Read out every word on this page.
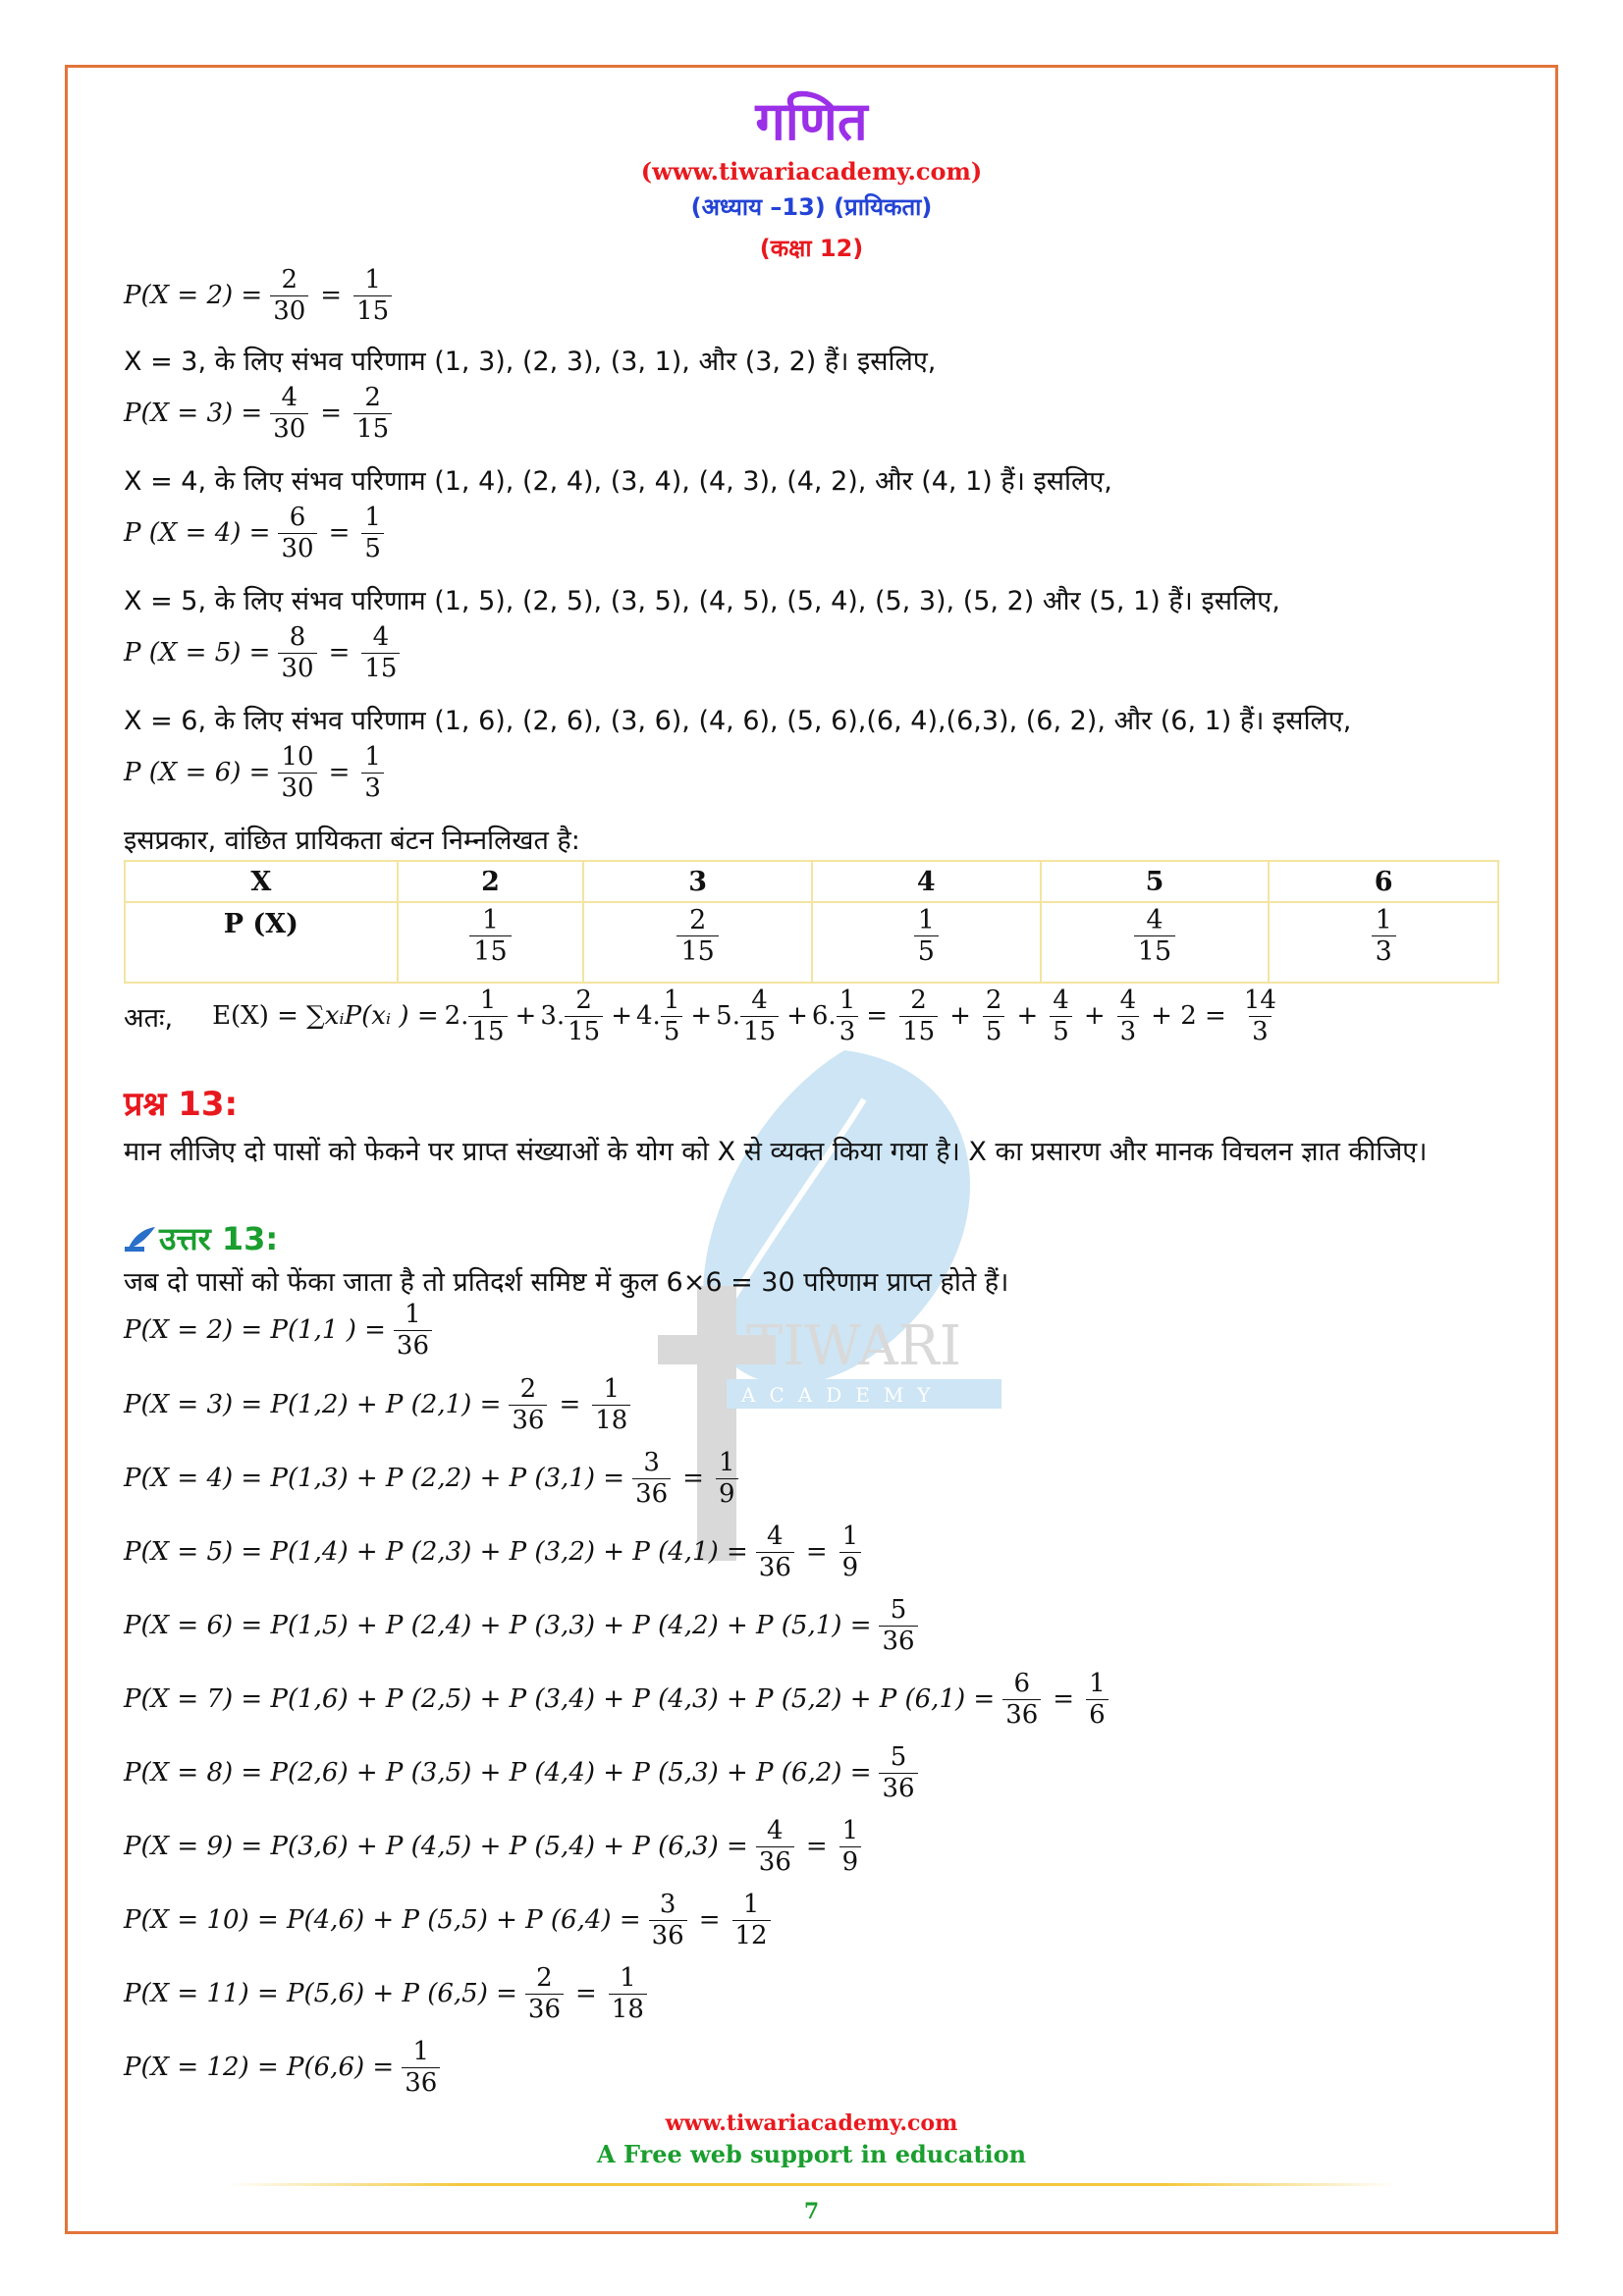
TIWARI
ACADEMY
गणित
(www.tiwariacademy.com)
(अध्याय –13) (प्रायिकता)
(कक्षा 12)
$P(X = 2) = \frac{2}{30} = \frac{1}{15}$
X = 3, के लिए संभव परिणाम (1, 3), (2, 3), (3, 1), और (3, 2) हैं। इसलिए,
$P(X = 3) = \frac{4}{30} = \frac{2}{15}$
X = 4, के लिए संभव परिणाम (1, 4), (2, 4), (3, 4), (4, 3), (4, 2), और (4, 1) हैं। इसलिए,
P $(X = 4) = \frac{6}{30} = \frac{1}{5}$
X = 5, के लिए संभव परिणाम (1, 5), (2, 5), (3, 5), (4, 5), (5, 4), (5, 3), (5, 2) और (5, 1) हैं। इसलिए,
P $(X = 5) = \frac{8}{30} = \frac{4}{15}$
X = 6, के लिए संभव परिणाम (1, 6), (2, 6), (3, 6), (4, 6), (5, 6),(6, 4),(6,3), (6, 2), और (6, 1) हैं। इसलिए,
P $(X = 6) = \frac{10}{30} = \frac{1}{3}$
इसप्रकार, वांछित प्रायिकता बंटन निम्नलिखत है:
X	2	3	4	5	6
P (X)	$\frac{1}{15}$	$\frac{2}{15}$	$\frac{1}{5}$	$\frac{4}{15}$	$\frac{1}{3}$
अतः, E(X) = ∑ xᵢP(xᵢ ) = 2. $\frac{1}{15} + 3$. $\frac{2}{15} + 4$. $\frac{1}{5} + 5$. $\frac{4}{15} + 6$. $\frac{1}{3} = \frac{2}{15} + \frac{2}{5} + \frac{4}{5} + \frac{4}{3} + 2 = \frac{14}{3}$
प्रश्न 13:
मान लीजिए दो पासों को फेकने पर प्राप्त संख्याओं के योग को X से व्यक्त किया गया है। X का प्रसारण और मानक विचलन ज्ञात कीजिए।
उत्तर 13:
जब दो पासों को फेंका जाता है तो प्रतिदर्श समिष्ट में कुल 6×6 = 30 परिणाम प्राप्त होते हैं।
P(X = 2) = P(1,1 ) = $\frac{1}{36}$
P(X = 3) = P(1,2) + P $(2,1) = \frac{2}{36} = \frac{1}{18}$
P(X = 4) = P(1,3) + P (2,2) + P $(3,1) = \frac{3}{36} = \frac{1}{9}$
P(X = 5) = P(1,4) + P (2,3) + P (3,2) + P $(4,1) = \frac{4}{36} = \frac{1}{9}$
P(X = 6) = P(1,5) + P (2,4) + P (3,3) + P (4,2) + P $(5,1) = \frac{5}{36}$
P(X = 7) = P(1,6) + P (2,5) + P (3,4) + P (4,3) + P (5,2) + P $(6,1) = \frac{6}{36} = \frac{1}{6}$
P(X = 8) = P(2,6) + P (3,5) + P (4,4) + P (5,3) + P $(6,2) = \frac{5}{36}$
P(X = 9) = P(3,6) + P (4,5) + P (5,4) + P $(6,3) = \frac{4}{36} = \frac{1}{9}$
P(X = 10) = P(4,6) + P (5,5) + P $(6,4) = \frac{3}{36} = \frac{1}{12}$
P(X = 11) = P(5,6) + P $(6,5) = \frac{2}{36} = \frac{1}{18}$
$P(X = 12) = P(6,6) = \frac{1}{36}$
www.tiwariacademy.com
A Free web support in education
7
